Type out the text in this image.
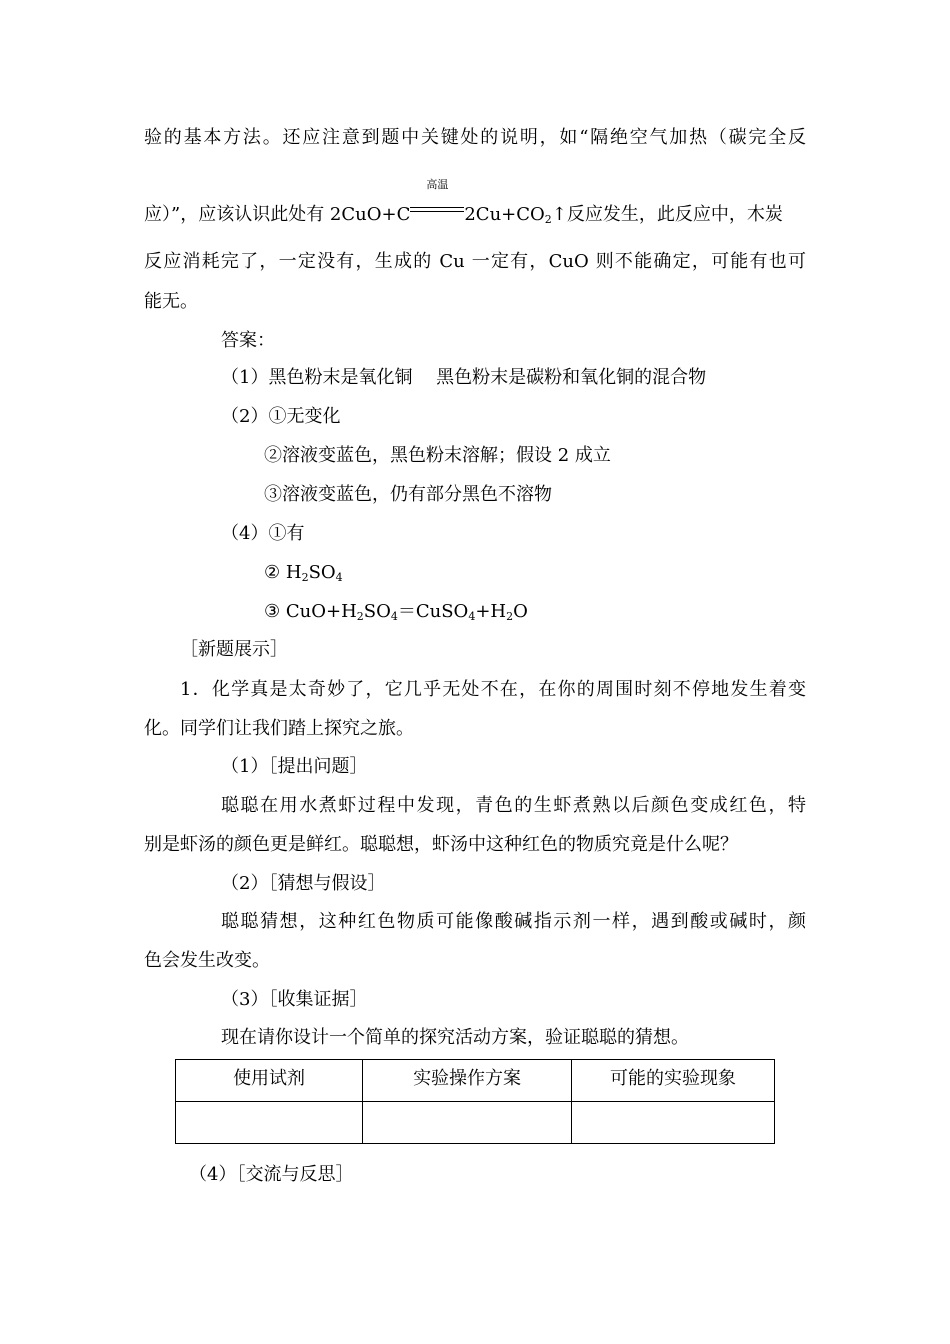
验的基本方法。还应注意到题中关键处的说明，如“隔绝空气加热（碳完全反
应）”，应该认识此处有 2CuO+C
高温
$2Cu+CO_2↑$反应发生，此反应中，木炭
反应消耗完了，一定没有，生成的 Cu 一定有，CuO 则不能确定，可能有也可
能无。
答案：
（1）黑色粉末是氧化铜　 黑色粉末是碳粉和氧化铜的混合物
（2）①无变化
②溶液变蓝色，黑色粉末溶解；假设 2 成立
③溶液变蓝色，仍有部分黑色不溶物
（4）①有
② $H_2SO_4$
③ $CuO+H_2SO_4=CuSO_4+H_2O$
［新题展示］
1．化学真是太奇妙了，它几乎无处不在，在你的周围时刻不停地发生着变
化。同学们让我们踏上探究之旅。
（1）［提出问题］
聪聪在用水煮虾过程中发现，青色的生虾煮熟以后颜色变成红色，特
别是虾汤的颜色更是鲜红。聪聪想，虾汤中这种红色的物质究竟是什么呢？
（2）［猜想与假设］
聪聪猜想，这种红色物质可能像酸碱指示剂一样，遇到酸或碱时，颜
色会发生改变。
（3）［收集证据］
现在请你设计一个简单的探究活动方案，验证聪聪的猜想。
使用试剂	实验操作方案	可能的实验现象

（4）［交流与反思］
